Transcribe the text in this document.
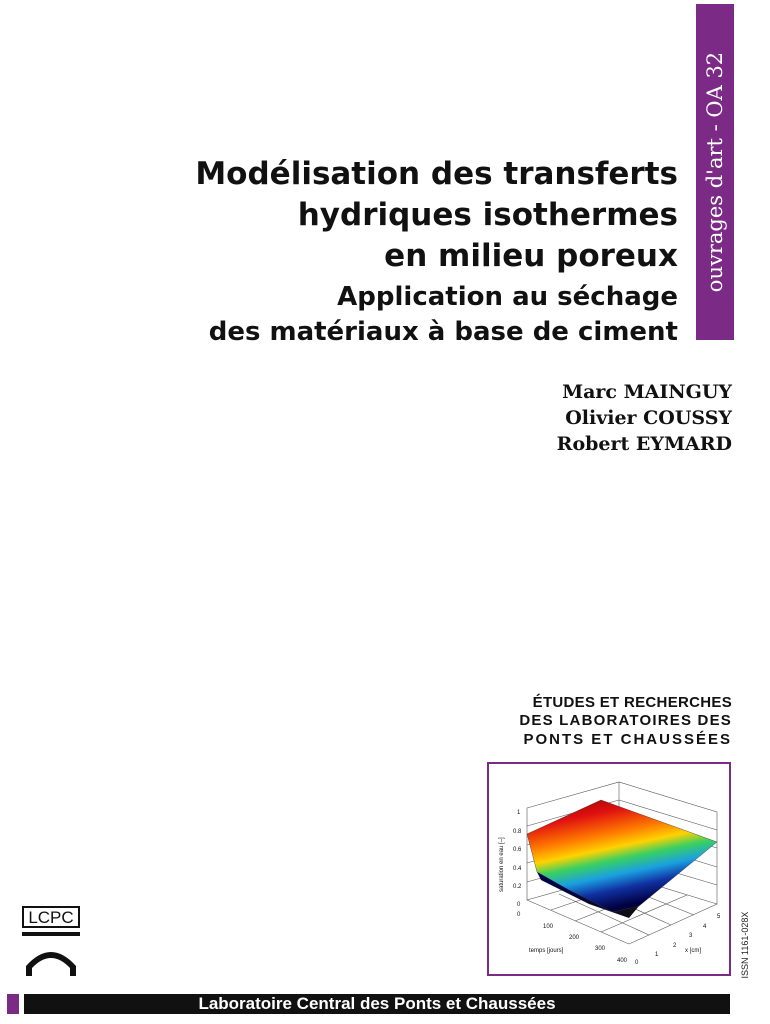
ouvrages d'art - OA 32
Modélisation des transferts
hydriques isothermes
en milieu poreux
Application au séchage
des matériaux à base de ciment
Marc MAINGUY
Olivier COUSSY
Robert EYMARD
ÉTUDES ET RECHERCHES
DES LABORATOIRES DES
PONTS ET CHAUSSÉES
1
0.8
0.6
0.4
0.2
0
saturation en eau [–]
0
100
200
300
400
temps [jours]
0
1
2
3
4
5
x [cm]	ISSN 1161-028X
LCPC
Laboratoire Central des Ponts et Chaussées
